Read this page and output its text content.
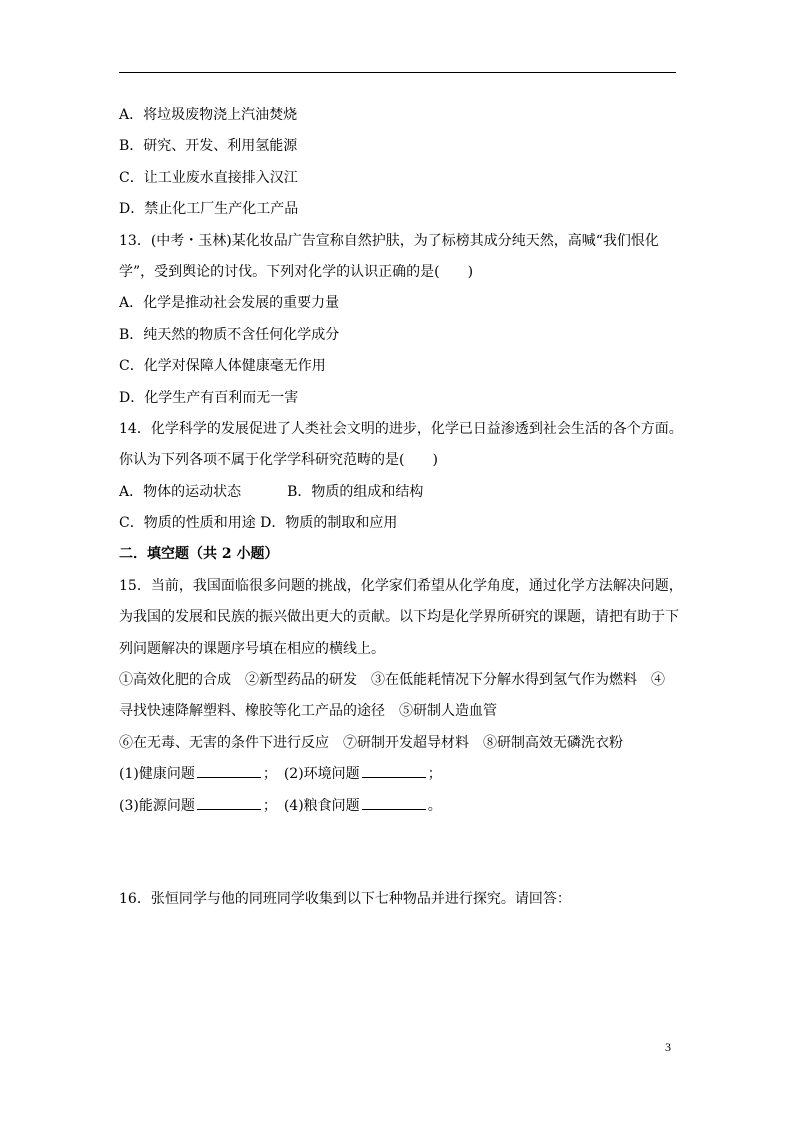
A．将垃圾废物浇上汽油焚烧
B．研究、开发、利用氢能源
C．让工业废水直接排入汉江
D．禁止化工厂生产化工产品
13．(中考・玉林)某化妆品广告宣称自然护肤，为了标榜其成分纯天然，高喊“我们恨化
学”，受到舆论的讨伐。下列对化学的认识正确的是(　　)
A．化学是推动社会发展的重要力量
B．纯天然的物质不含任何化学成分
C．化学对保障人体健康毫无作用
D．化学生产有百利而无一害
14．化学科学的发展促进了人类社会文明的进步，化学已日益渗透到社会生活的各个方面。
你认为下列各项不属于化学学科研究范畴的是(　　)
A．物体的运动状态	B．物质的组成和结构
C．物质的性质和用途 D．物质的制取和应用
二．填空题（共 2 小题）
15．当前，我国面临很多问题的挑战，化学家们希望从化学角度，通过化学方法解决问题，
为我国的发展和民族的振兴做出更大的贡献。以下均是化学界所研究的课题，请把有助于下
列问题解决的课题序号填在相应的横线上。
①高效化肥的合成　②新型药品的研发　③在低能耗情况下分解水得到氢气作为燃料　④
寻找快速降解塑料、橡胶等化工产品的途径　⑤研制人造血管
⑥在无毒、无害的条件下进行反应　⑦研制开发超导材料　⑧研制高效无磷洗衣粉
(1)健康问题	；　(2)环境问题	；
(3)能源问题	；　(4)粮食问题	。
16．张恒同学与他的同班同学收集到以下七种物品并进行探究。请回答：
3
